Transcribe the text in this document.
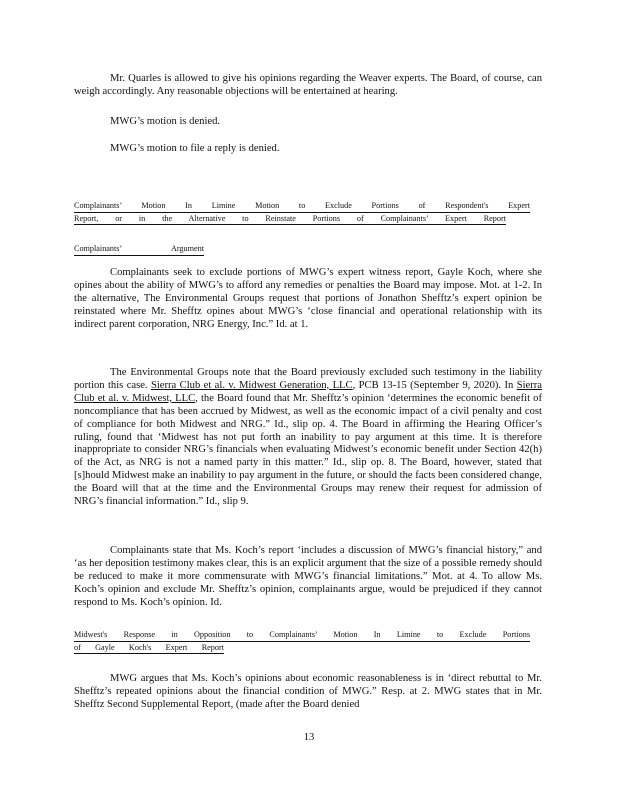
Mr. Quarles is allowed to give his opinions regarding the Weaver experts. The Board, of course, can weigh accordingly. Any reasonable objections will be entertained at hearing.

MWG’s motion is denied.

MWG’s motion to file a reply is denied.

Complainants’ Motion In Limine Motion to Exclude Portions of Respondent's Expert
Report, or in the Alternative to Reinstate Portions of Complainants’ Expert Report
Complainants’ Argument

Complainants seek to exclude portions of MWG’s expert witness report, Gayle Koch, where she opines about the ability of MWG’s to afford any remedies or penalties the Board may impose. Mot. at 1-2. In the alternative, The Environmental Groups request that portions of Jonathon Shefftz’s expert opinion be reinstated where Mr. Shefftz opines about MWG’s ‘close financial and operational relationship with its indirect parent corporation, NRG Energy, Inc.” Id. at 1.

The Environmental Groups note that the Board previously excluded such testimony in the liability portion this case. Sierra Club et al. v. Midwest Generation, LLC, PCB 13-15 (September 9, 2020). In Sierra Club et al. v. Midwest, LLC, the Board found that Mr. Shefftz’s opinion ‘determines the economic benefit of noncompliance that has been accrued by Midwest, as well as the economic impact of a civil penalty and cost of compliance for both Midwest and NRG.” Id., slip op. 4. The Board in affirming the Hearing Officer’s ruling, found that ‘Midwest has not put forth an inability to pay argument at this time. It is therefore inappropriate to consider NRG’s financials when evaluating Midwest’s economic benefit under Section 42(h) of the Act, as NRG is not a named party in this matter.” Id., slip op. 8. The Board, however, stated that [s]hould Midwest make an inability to pay argument in the future, or should the facts been considered change, the Board will that at the time and the Environmental Groups may renew their request for admission of NRG’s financial information.” Id., slip 9.

Complainants state that Ms. Koch’s report ‘includes a discussion of MWG’s financial history,” and ‘as her deposition testimony makes clear, this is an explicit argument that the size of a possible remedy should be reduced to make it more commensurate with MWG’s financial limitations.” Mot. at 4. To allow Ms. Koch’s opinion and exclude Mr. Shefftz’s opinion, complainants argue, would be prejudiced if they cannot respond to Ms. Koch’s opinion. Id.

Midwest's Response in Opposition to Complainants’ Motion In Limine to Exclude Portions
of Gayle Koch's Expert Report

MWG argues that Ms. Koch’s opinions about economic reasonableness is in ‘direct rebuttal to Mr. Shefftz’s repeated opinions about the financial condition of MWG.” Resp. at 2. MWG states that in Mr. Shefftz Second Supplemental Report, (made after the Board denied

13
